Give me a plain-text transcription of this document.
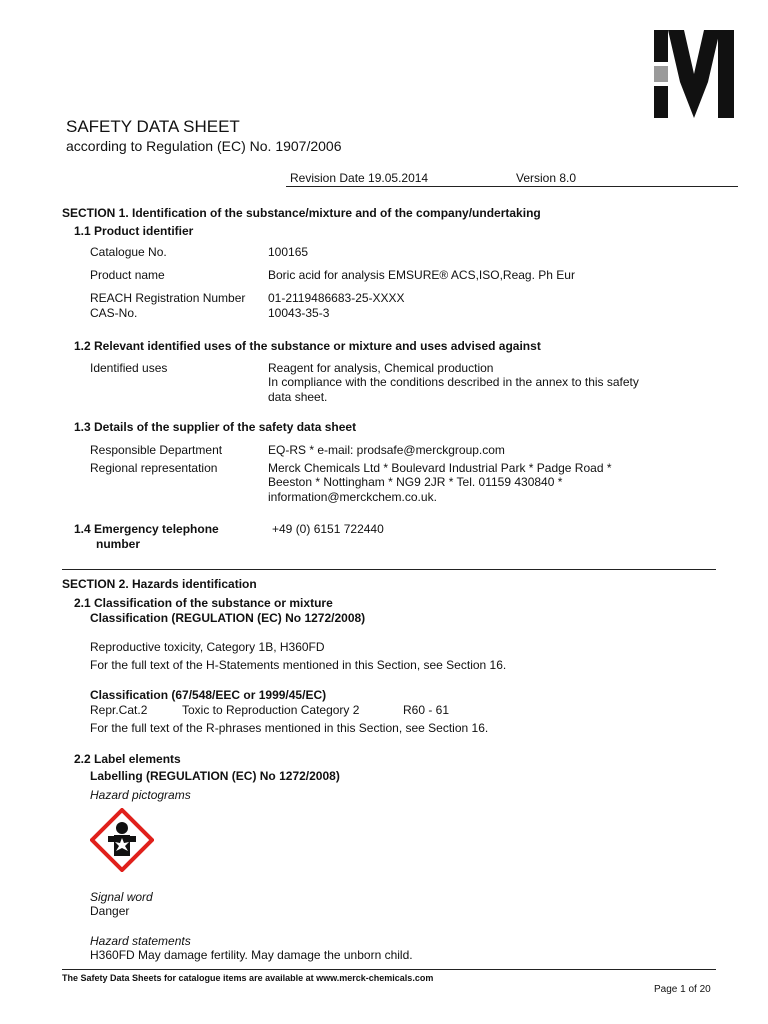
SAFETY DATA SHEET
according to Regulation (EC) No. 1907/2006
Revision Date 19.05.2014	Version 8.0
SECTION 1. Identification of the substance/mixture and of the company/undertaking
1.1 Product identifier
Catalogue No.	100165
Product name	Boric acid for analysis EMSURE® ACS,ISO,Reag. Ph Eur
REACH Registration Number 01-2119486683-25-XXXX
CAS-No.	10043-35-3
1.2 Relevant identified uses of the substance or mixture and uses advised against
Identified uses	Reagent for analysis, Chemical production
In compliance with the conditions described in the annex to this safety
data sheet.
1.3 Details of the supplier of the safety data sheet
Responsible Department	EQ-RS * e-mail: prodsafe@merckgroup.com
Regional representation	Merck Chemicals Ltd * Boulevard Industrial Park * Padge Road *
Beeston * Nottingham * NG9 2JR * Tel. 01159 430840 *
information@merckchem.co.uk.
1.4 Emergency telephone
number
+49 (0) 6151 722440
SECTION 2. Hazards identification
2.1 Classification of the substance or mixture
Classification (REGULATION (EC) No 1272/2008)
Reproductive toxicity, Category 1B, H360FD
For the full text of the H-Statements mentioned in this Section, see Section 16.
Classification (67/548/EEC or 1999/45/EC)
Repr.Cat.2	Toxic to Reproduction Category 2	R60 - 61
For the full text of the R-phrases mentioned in this Section, see Section 16.
2.2 Label elements
Labelling (REGULATION (EC) No 1272/2008)
Hazard pictograms
Signal word
Danger
Hazard statements
H360FD May damage fertility. May damage the unborn child.
The Safety Data Sheets for catalogue items are available at www.merck-chemicals.com
Page 1 of 20
